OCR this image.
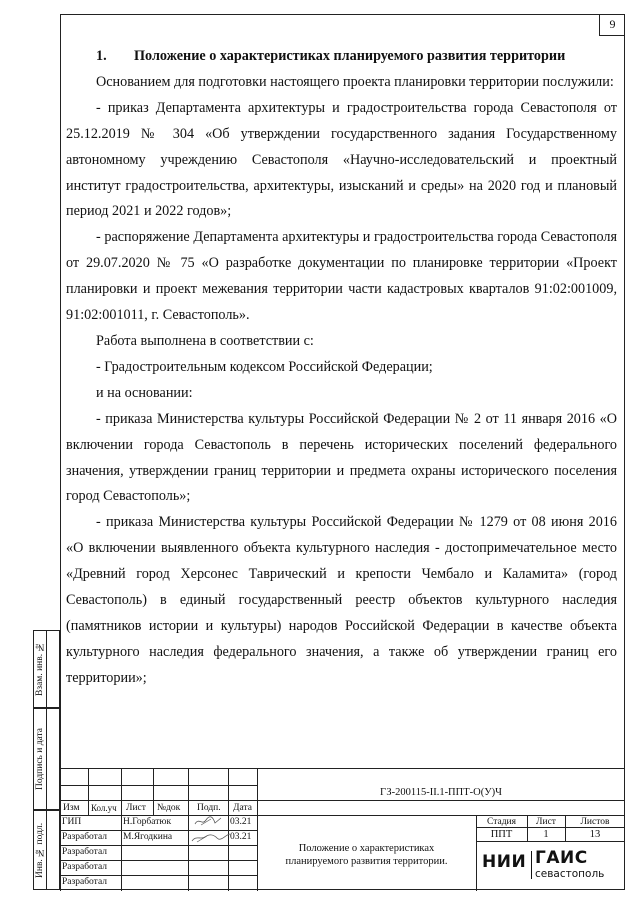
9

1.	Положение о характеристиках планируемого развития территории

Основанием для подготовки настоящего проекта планировки территории послужили:

- приказ Департамента архитектуры и градостроительства города Севастополя от 25.12.2019 № 304 «Об утверждении государственного задания Государственному автономному учреждению Севастополя «Научно-исследовательский и проектный институт градостроительства, архитектуры, изысканий и среды» на 2020 год и плановый период 2021 и 2022 годов»;

- распоряжение Департамента архитектуры и градостроительства города Севастополя от 29.07.2020 № 75 «О разработке документации по планировке территории «Проект планировки и проект межевания территории части кадастровых кварталов 91:02:001009, 91:02:001011, г. Севастополь».

Работа выполнена в соответствии с:

- Градостроительным кодексом Российской Федерации;

и на основании:

- приказа Министерства культуры Российской Федерации № 2 от 11 января 2016 «О включении города Севастополь в перечень исторических поселений федерального значения, утверждении границ территории и предмета охраны исторического поселения город Севастополь»;

- приказа Министерства культуры Российской Федерации № 1279 от 08 июня 2016 «О включении выявленного объекта культурного наследия - достопримечательное место «Древний город Херсонес Таврический и крепости Чембало и Каламита» (город Севастополь) в единый государственный реестр объектов культурного наследия (памятников истории и культуры) народов Российской Федерации в качестве объекта культурного наследия федерального значения, а также об утверждении границ его территории»;

Взам. инв. №
Подпись и дата
Инв. № подл.
ГЗ-200115-II.1-ППТ-О(У)Ч
Изм Кол.уч Лист №док Подп. Дата
ГИП	Н.Горбатюк	03.21
Разработал М.Ягодкина	03.21
Разработал
Разработал
Разработал
Положение о характеристиках
планируемого развития территории.
Стадия	Лист	Листов
ППТ	1	13
НИИ ГАИС
севастополь
